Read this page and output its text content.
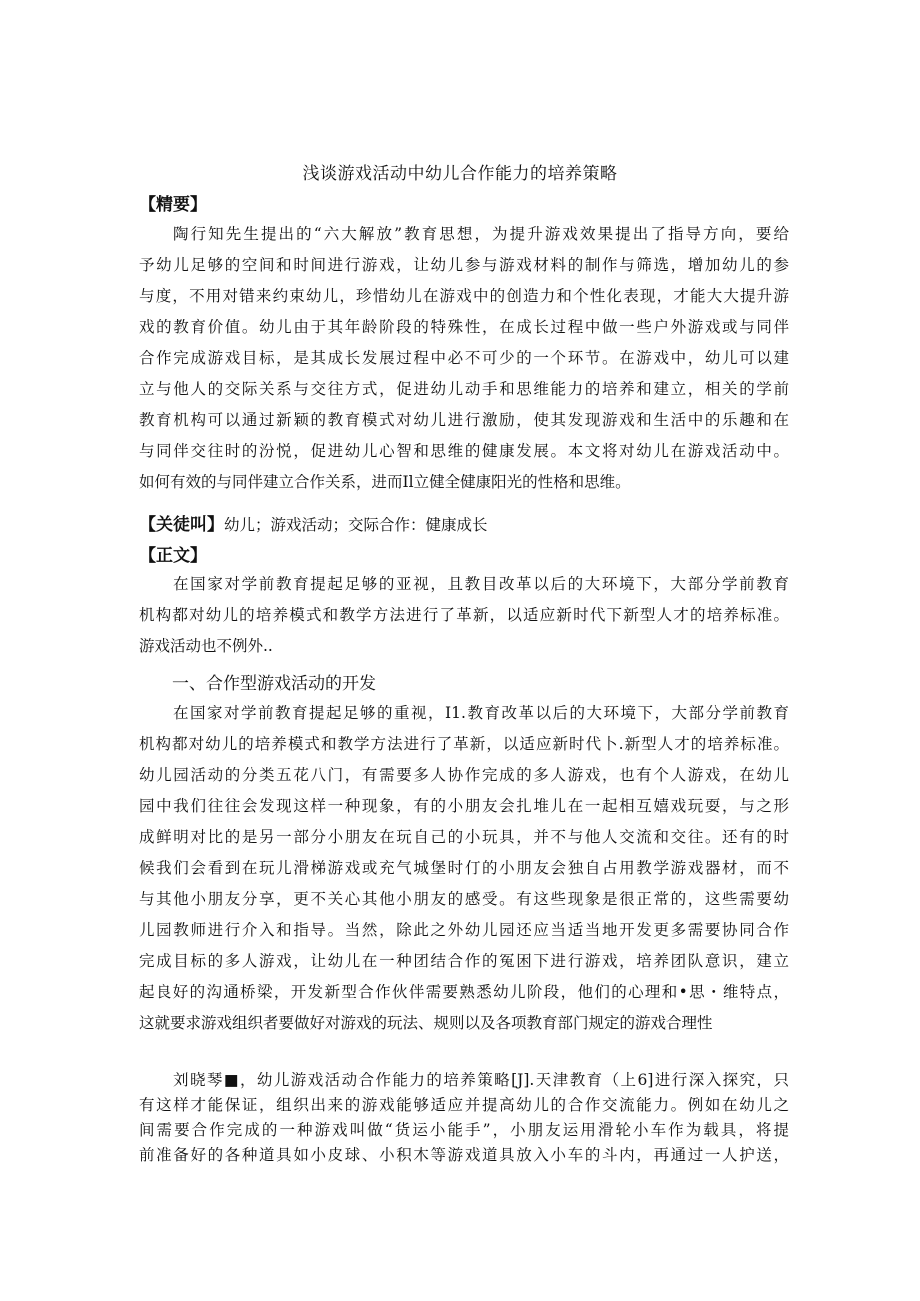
浅谈游戏活动中幼儿合作能力的培养策略
【精要】
陶行知先生提出的“六大解放”教育思想，为提升游戏效果提出了指导方向，要给
予幼儿足够的空间和时间进行游戏，让幼儿参与游戏材料的制作与筛选，增加幼儿的参
与度，不用对错来约束幼儿，珍惜幼儿在游戏中的创造力和个性化表现，才能大大提升游
戏的教育价值。幼儿由于其年龄阶段的特殊性，在成长过程中做一些户外游戏或与同伴
合作完成游戏目标，是其成长发展过程中必不可少的一个环节。在游戏中，幼儿可以建
立与他人的交际关系与交往方式，促进幼儿动手和思维能力的培养和建立，相关的学前
教育机构可以通过新颖的教育模式对幼儿进行激励，使其发现游戏和生活中的乐趣和在
与同伴交往时的汾悦，促进幼儿心智和思维的健康发展。本文将对幼儿在游戏活动中。
如何有效的与同伴建立合作关系，进而Il立健全健康阳光的性格和思维。
【关徒叫】幼儿；游戏活动；交际合作：健康成长
【正文】
在国家对学前教育提起足够的亚视，且教目改革以后的大环境下，大部分学前教育
机构都对幼儿的培养模式和教学方法进行了革新，以适应新时代下新型人才的培养标准。
游戏活动也不例外..
一、合作型游戏活动的开发
在国家对学前教育提起足够的重视，I1.教育改革以后的大环境下，大部分学前教育
机构都对幼儿的培养模式和教学方法进行了革新，以适应新时代卜.新型人才的培养标准。
幼儿园活动的分类五花八门，有需要多人协作完成的多人游戏，也有个人游戏，在幼儿
园中我们往往会发现这样一种现象，有的小朋友会扎堆儿在一起相互嬉戏玩耍，与之形
成鲜明对比的是另一部分小朋友在玩自己的小玩具，并不与他人交流和交往。还有的时
候我们会看到在玩儿滑梯游戏或充气城堡时仃的小朋友会独自占用教学游戏器材，而不
与其他小朋友分享，更不关心其他小朋友的感受。有这些现象是很正常的，这些需要幼
儿园教师进行介入和指导。当然，除此之外幼儿园还应当适当地开发更多需要协同合作
完成目标的多人游戏，让幼儿在一种团结合作的冤困下进行游戏，培养团队意识，建立
起良好的沟通桥梁，开发新型合作伙伴需要熟悉幼儿阶段，他们的心理和•思・维特点，
这就要求游戏组织者要做好对游戏的玩法、规则以及各项教育部门规定的游戏合理性
刘晓琴■，幼儿游戏活动合作能力的培养策略[J].天津教育（上6]进行深入探究，只
有这样才能保证，组织出来的游戏能够适应并提高幼儿的合作交流能力。例如在幼儿之
间需要合作完成的一种游戏叫做“货运小能手”，小朋友运用滑轮小车作为载具，将提
前准备好的各种道具如小皮球、小积木等游戏道具放入小车的斗内，再通过一人护送，
